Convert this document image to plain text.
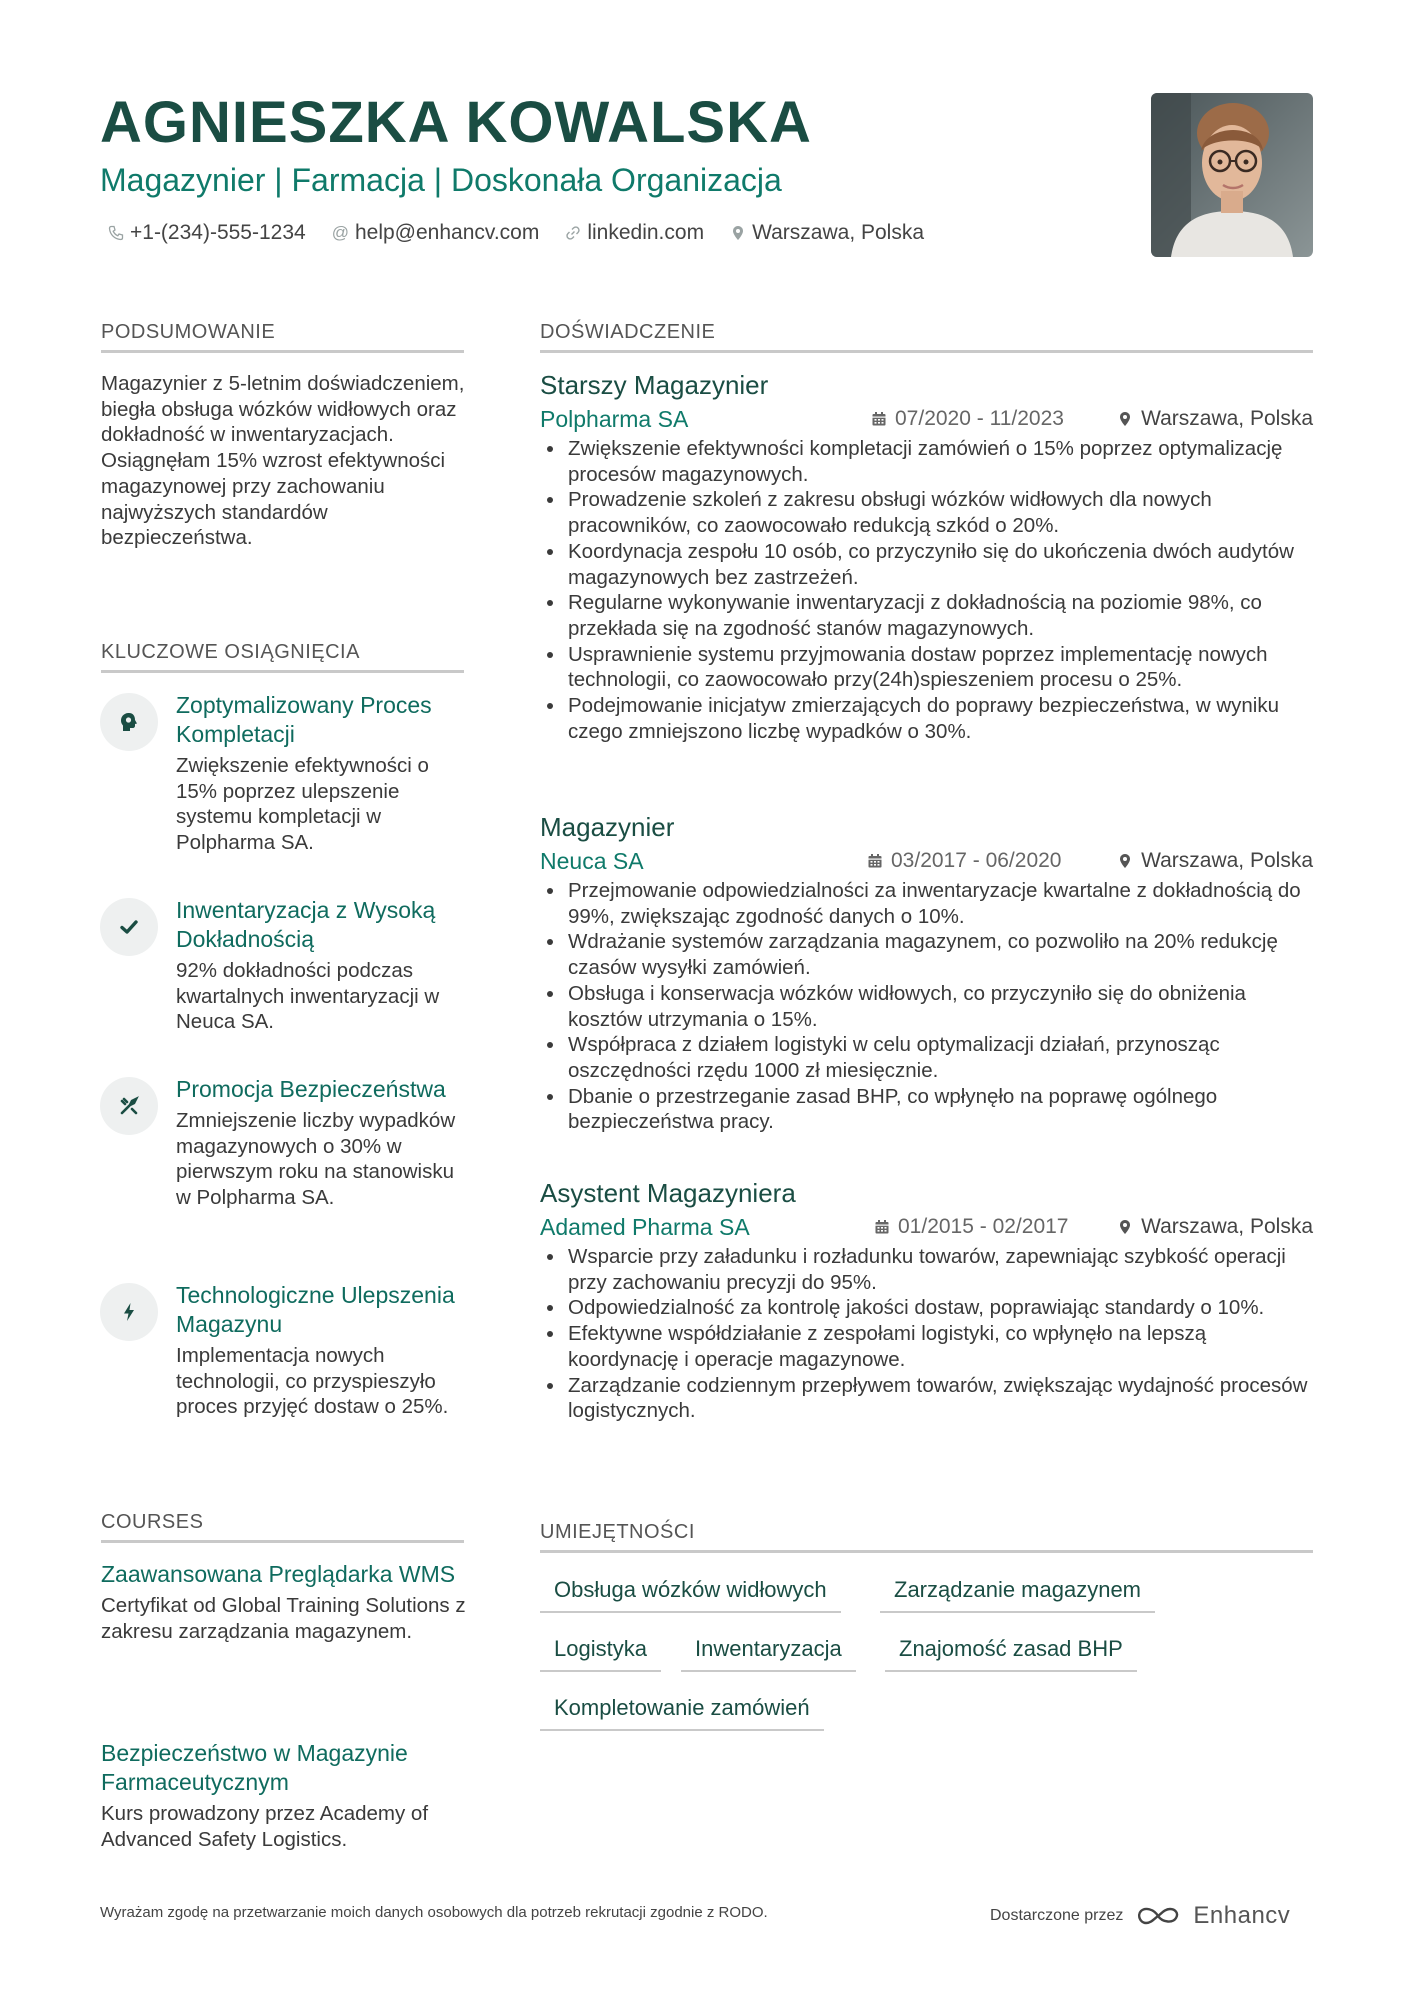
AGNIESZKA KOWALSKA
Magazynier | Farmacja | Doskonała Organizacja
+1-(234)-555-1234 @ help@enhancv.com linkedin.com Warszawa, Polska
PODSUMOWANIE

Magazynier z 5-letnim doświadczeniem, biegła obsługa wózków widłowych oraz dokładność w inwentaryzacjach. Osiągnęłam 15% wzrost efektywności magazynowej przy zachowaniu najwyższych standardów bezpieczeństwa.

KLUCZOWE OSIĄGNIĘCIA
Zoptymalizowany Proces Kompletacji
Zwiększenie efektywności o 15% poprzez ulepszenie systemu kompletacji w Polpharma SA.
Inwentaryzacja z Wysoką Dokładnością
92% dokładności podczas kwartalnych inwentaryzacji w Neuca SA.
Promocja Bezpieczeństwa
Zmniejszenie liczby wypadków magazynowych o 30% w pierwszym roku na stanowisku w Polpharma SA.
Technologiczne Ulepszenia Magazynu
Implementacja nowych technologii, co przyspieszyło proces przyjęć dostaw o 25%.
COURSES
Zaawansowana Preglądarka WMS
Certyfikat od Global Training Solutions z zakresu zarządzania magazynem.
Bezpieczeństwo w Magazynie Farmaceutycznym
Kurs prowadzony przez Academy of Advanced Safety Logistics.
DOŚWIADCZENIE
Starszy Magazynier
Polpharma SA	07/2020 - 11/2023	Warszawa, Polska
Zwiększenie efektywności kompletacji zamówień o 15% poprzez optymalizację procesów magazynowych.
Prowadzenie szkoleń z zakresu obsługi wózków widłowych dla nowych pracowników, co zaowocowało redukcją szkód o 20%.
Koordynacja zespołu 10 osób, co przyczyniło się do ukończenia dwóch audytów magazynowych bez zastrzeżeń.
Regularne wykonywanie inwentaryzacji z dokładnością na poziomie 98%, co przekłada się na zgodność stanów magazynowych.
Usprawnienie systemu przyjmowania dostaw poprzez implementację nowych technologii, co zaowocowało przy(24h)spieszeniem procesu o 25%.
Podejmowanie inicjatyw zmierzających do poprawy bezpieczeństwa, w wyniku czego zmniejszono liczbę wypadków o 30%.
Magazynier
Neuca SA	03/2017 - 06/2020	Warszawa, Polska
Przejmowanie odpowiedzialności za inwentaryzacje kwartalne z dokładnością do 99%, zwiększając zgodność danych o 10%.
Wdrażanie systemów zarządzania magazynem, co pozwoliło na 20% redukcję czasów wysyłki zamówień.
Obsługa i konserwacja wózków widłowych, co przyczyniło się do obniżenia kosztów utrzymania o 15%.
Współpraca z działem logistyki w celu optymalizacji działań, przynosząc oszczędności rzędu 1000 zł miesięcznie.
Dbanie o przestrzeganie zasad BHP, co wpłynęło na poprawę ogólnego bezpieczeństwa pracy.
Asystent Magazyniera
Adamed Pharma SA	01/2015 - 02/2017	Warszawa, Polska
Wsparcie przy załadunku i rozładunku towarów, zapewniając szybkość operacji przy zachowaniu precyzji do 95%.
Odpowiedzialność za kontrolę jakości dostaw, poprawiając standardy o 10%.
Efektywne współdziałanie z zespołami logistyki, co wpłynęło na lepszą koordynację i operacje magazynowe.
Zarządzanie codziennym przepływem towarów, zwiększając wydajność procesów logistycznych.
UMIEJĘTNOŚCI
Obsługa wózków widłowych	Zarządzanie magazynem
Logistyka	Inwentaryzacja	Znajomość zasad BHP
Kompletowanie zamówień
Wyrażam zgodę na przetwarzanie moich danych osobowych dla potrzeb rekrutacji zgodnie z RODO.	Dostarczone przez	Enhancv
